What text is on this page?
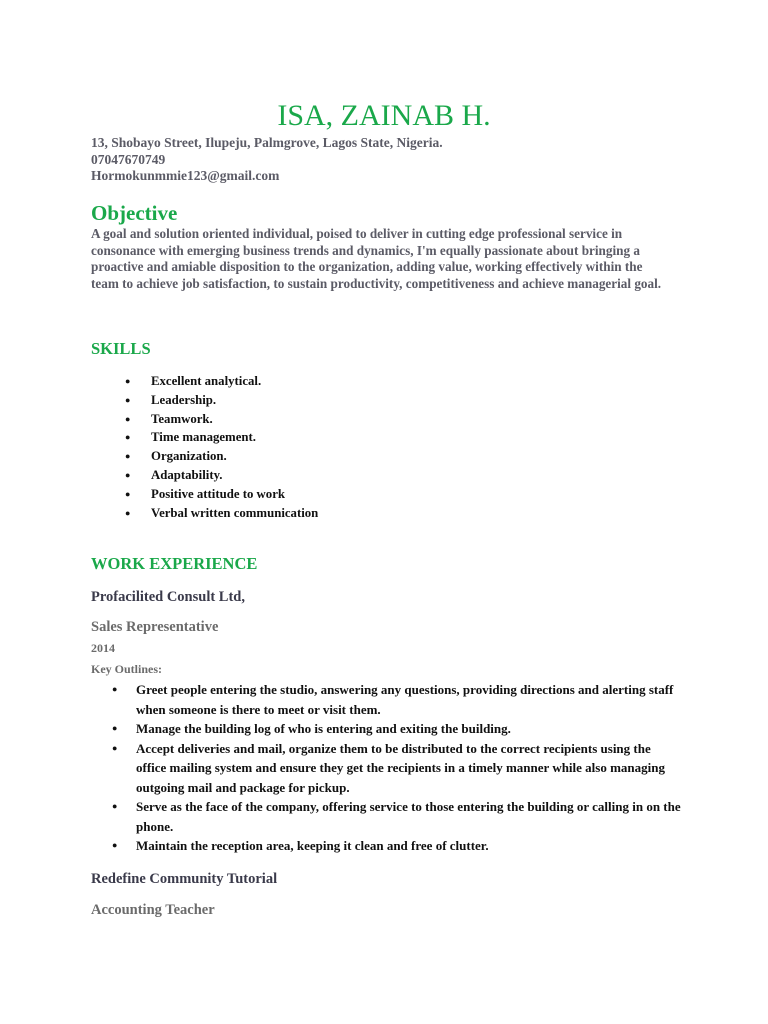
ISA, ZAINAB H.
13, Shobayo Street, Ilupeju, Palmgrove, Lagos State, Nigeria.
07047670749
Hormokunmmie123@gmail.com
Objective
A goal and solution oriented individual, poised to deliver in cutting edge professional service in consonance with emerging business trends and dynamics, I'm equally passionate about bringing a proactive and amiable disposition to the organization, adding value, working effectively within the team to achieve job satisfaction, to sustain productivity, competitiveness and achieve managerial goal.
SKILLS
● Excellent analytical.
● Leadership.
● Teamwork.
● Time management.
● Organization.
● Adaptability.
● Positive attitude to work
● Verbal written communication
WORK EXPERIENCE
Profacilited Consult Ltd,
Sales Representative
2014
Key Outlines:
● Greet people entering the studio, answering any questions, providing directions and alerting staff when someone is there to meet or visit them.
● Manage the building log of who is entering and exiting the building.
● Accept deliveries and mail, organize them to be distributed to the correct recipients using the office mailing system and ensure they get the recipients in a timely manner while also managing outgoing mail and package for pickup.
● Serve as the face of the company, offering service to those entering the building or calling in on the phone.
● Maintain the reception area, keeping it clean and free of clutter.
Redefine Community Tutorial
Accounting Teacher
